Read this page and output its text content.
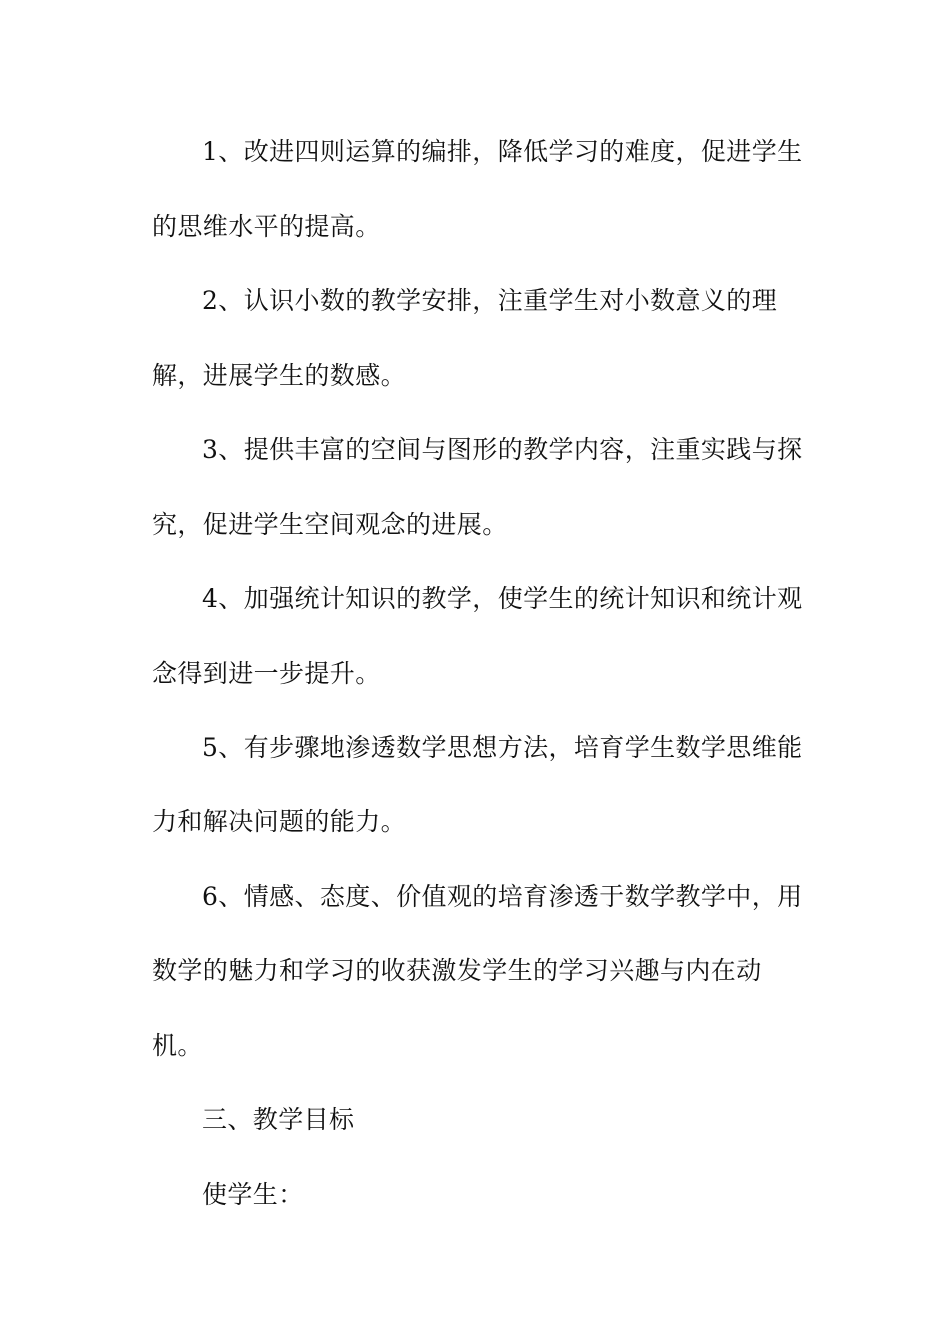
1、改进四则运算的编排，降低学习的难度，促进学生
的思维水平的提高。
2、认识小数的教学安排，注重学生对小数意义的理
解，进展学生的数感。
3、提供丰富的空间与图形的教学内容，注重实践与探
究，促进学生空间观念的进展。
4、加强统计知识的教学，使学生的统计知识和统计观
念得到进一步提升。
5、有步骤地渗透数学思想方法，培育学生数学思维能
力和解决问题的能力。
6、情感、态度、价值观的培育渗透于数学教学中，用
数学的魅力和学习的收获激发学生的学习兴趣与内在动
机。
三、教学目标
使学生：
